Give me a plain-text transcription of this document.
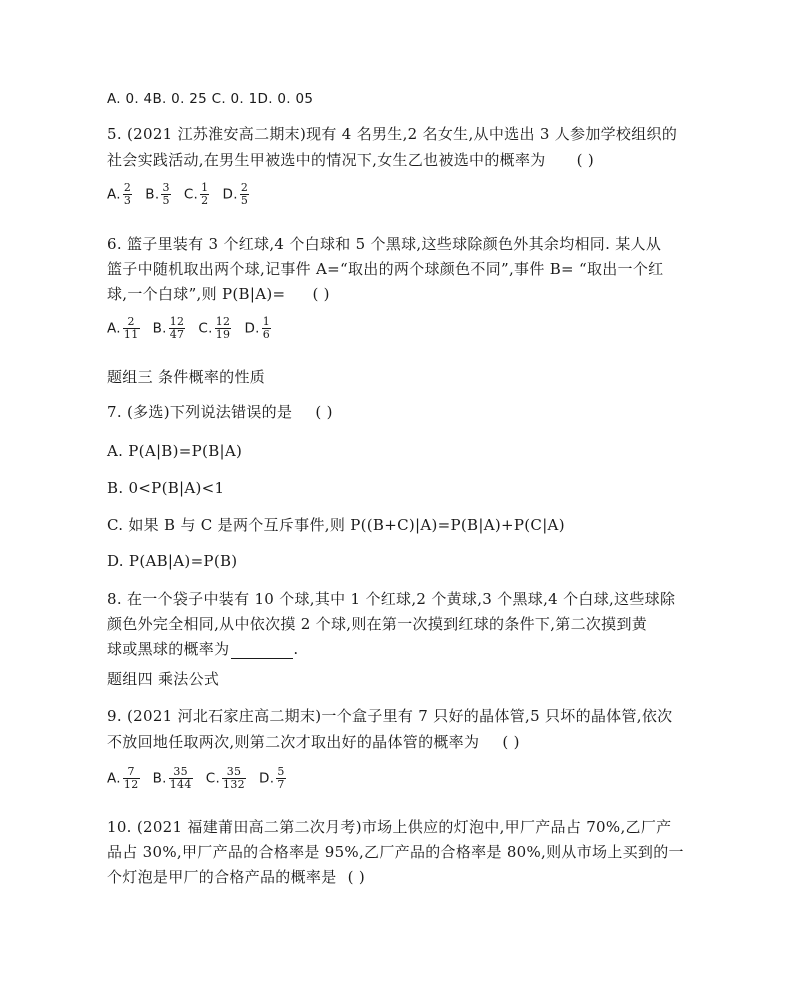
A. 0. 4B. 0. 25 C. 0. 1D. 0. 05
5. (2021 江苏淮安高二期末)现有 4 名男生,2 名女生,从中选出 3 人参加学校组织的
社会实践活动,在男生甲被选中的情况下,女生乙也被选中的概率为 ( )
A. $\frac{2}{3} B$. $\frac{3}{5} C$. $\frac{1}{2} D$. $\frac{2}{5}$
6. 篮子里装有 3 个红球,4 个白球和 5 个黑球,这些球除颜色外其余均相同. 某人从
篮子中随机取出两个球,记事件 A=“取出的两个球颜色不同”,事件 B= “取出一个红
球,一个白球”,则 P(B|A)= ( )
A. $\frac{2}{11} B$. $\frac{12}{47} C$. $\frac{12}{19} D$. $\frac{1}{6}$
题组三 条件概率的性质
7. (多选)下列说法错误的是 ( )
A. P(A|B)=P(B|A)
B. 0<P(B|A)<1
C. 如果 B 与 C 是两个互斥事件,则 P((B+C)|A)=P(B|A)+P(C|A)
D. P(AB|A)=P(B)
8. 在一个袋子中装有 10 个球,其中 1 个红球,2 个黄球,3 个黑球,4 个白球,这些球除
颜色外完全相同,从中依次摸 2 个球,则在第一次摸到红球的条件下,第二次摸到黄
球或黑球的概率为	.
题组四 乘法公式
9. (2021 河北石家庄高二期末)一个盒子里有 7 只好的晶体管,5 只坏的晶体管,依次
不放回地任取两次,则第二次才取出好的晶体管的概率为 ( )
A. $\frac{7}{12} B$. $\frac{35}{144} C$. $\frac{35}{132} D$. $\frac{5}{7}$
10. (2021 福建莆田高二第二次月考)市场上供应的灯泡中,甲厂产品占 70%,乙厂产
品占 30%,甲厂产品的合格率是 95%,乙厂产品的合格率是 80%,则从市场上买到的一
个灯泡是甲厂的合格产品的概率是 ( )
